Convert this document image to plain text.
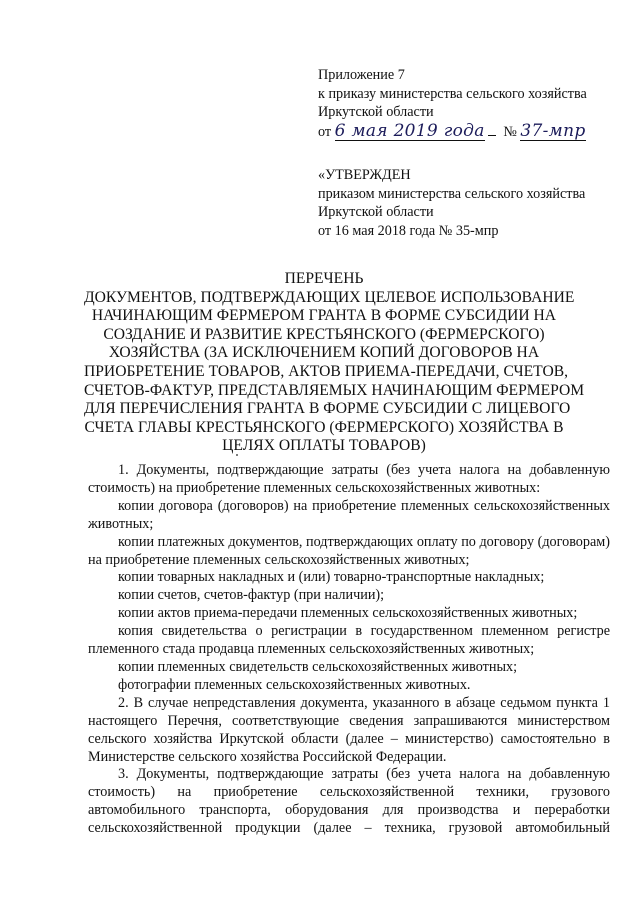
Приложение 7
к приказу министерства сельского хозяйства
Иркутской области
от 6 мая 2019 года № 37-мпр
«УТВЕРЖДЕН
приказом министерства сельского хозяйства
Иркутской области
от 16 мая 2018 года № 35-мпр
ПЕРЕЧЕНЬ
ДОКУМЕНТОВ, ПОДТВЕРЖДАЮЩИХ ЦЕЛЕВОЕ ИСПОЛЬЗОВАНИЕ
НАЧИНАЮЩИМ ФЕРМЕРОМ ГРАНТА В ФОРМЕ СУБСИДИИ НА
СОЗДАНИЕ И РАЗВИТИЕ КРЕСТЬЯНСКОГО (ФЕРМЕРСКОГО)
ХОЗЯЙСТВА (ЗА ИСКЛЮЧЕНИЕМ КОПИЙ ДОГОВОРОВ НА
ПРИОБРЕТЕНИЕ ТОВАРОВ, АКТОВ ПРИЕМА-ПЕРЕДАЧИ, СЧЕТОВ,
СЧЕТОВ-ФАКТУР, ПРЕДСТАВЛЯЕМЫХ НАЧИНАЮЩИМ ФЕРМЕРОМ
ДЛЯ ПЕРЕЧИСЛЕНИЯ ГРАНТА В ФОРМЕ СУБСИДИИ С ЛИЦЕВОГО
СЧЕТА ГЛАВЫ КРЕСТЬЯНСКОГО (ФЕРМЕРСКОГО) ХОЗЯЙСТВА В
ЦЕЛЯХ ОПЛАТЫ ТОВАРОВ)

1. Документы, подтверждающие затраты (без учета налога на добавленную стоимость) на приобретение племенных сельскохозяйственных животных:

копии договора (договоров) на приобретение племенных сельскохозяйственных животных;

копии платежных документов, подтверждающих оплату по договору (договорам) на приобретение племенных сельскохозяйственных животных;

копии товарных накладных и (или) товарно-транспортные накладных;

копии счетов, счетов-фактур (при наличии);

копии актов приема-передачи племенных сельскохозяйственных животных;

копия свидетельства о регистрации в государственном племенном регистре племенного стада продавца племенных сельскохозяйственных животных;

копии племенных свидетельств сельскохозяйственных животных;

фотографии племенных сельскохозяйственных животных.

2. В случае непредставления документа, указанного в абзаце седьмом пункта 1 настоящего Перечня, соответствующие сведения запрашиваются министерством сельского хозяйства Иркутской области (далее – министерство) самостоятельно в Министерстве сельского хозяйства Российской Федерации.

3. Документы, подтверждающие затраты (без учета налога на добавленную стоимость) на приобретение сельскохозяйственной техники, грузового автомобильного транспорта, оборудования для производства и переработки сельскохозяйственной продукции (далее – техника, грузовой автомобильный
